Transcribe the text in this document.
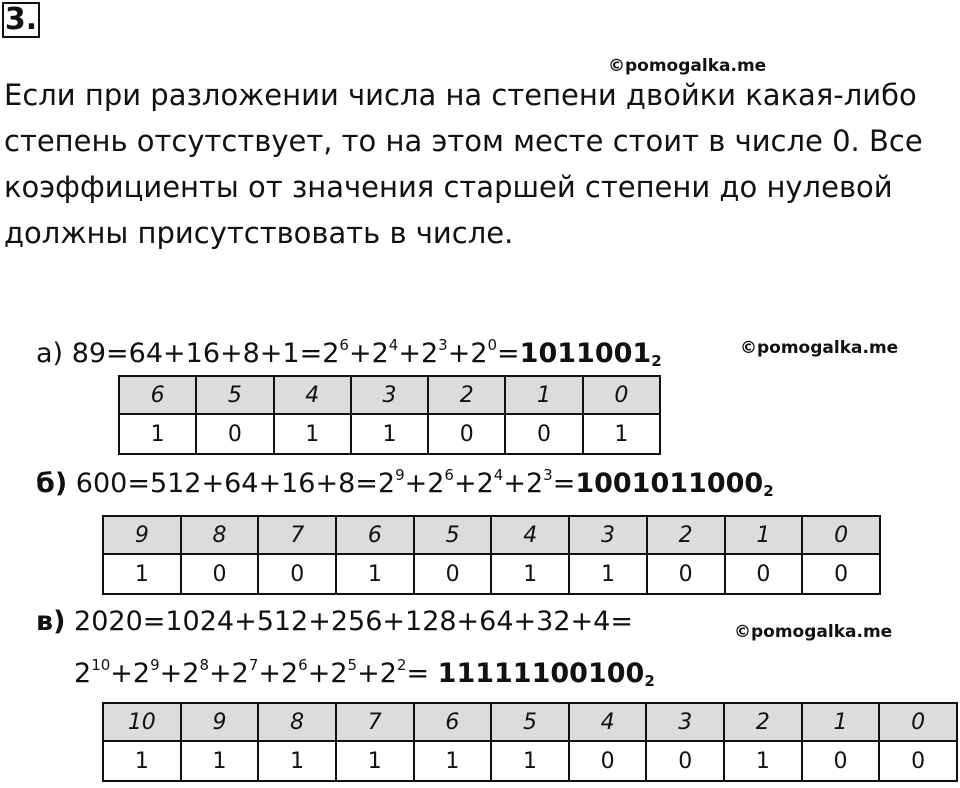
3.
©pomogalka.me

Если при разложении числа на степени двойки какая-либо степень отсутствует, то на этом месте стоит в числе 0. Все коэффициенты от значения старшей степени до нулевой должны присутствовать в числе.

а) $89=64+16+8+1=2^6+2^4+2^3+2^0=1011001_2$
©pomogalka.me
6	5	4	3	2	1	0
1	0	1	1	0	0	1
б) $600=512+64+16+8=2^9+2^6+2^4+2^3=1001011000_2$
9	8	7	6	5	4	3	2	1	0
1	0	0	1	0	1	1	0	0	0
в) 2020=1024+512+256+128+64+32+4=	©pomogalka.me
$2^{10}+2^9+2^8+2^7+2^6+2^5+2^2= 11111100100_2$
10	9	8	7	6	5	4	3	2	1	0
1	1	1	1	1	1	0	0	1	0	0
